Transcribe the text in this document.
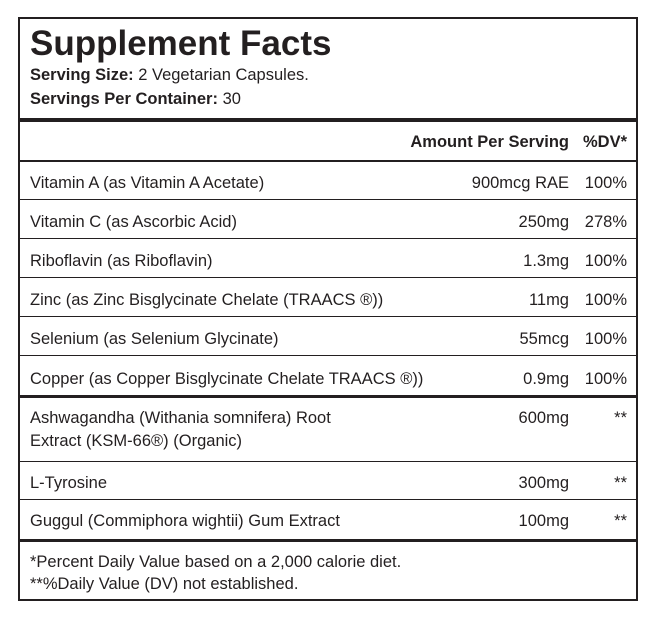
Supplement Facts
Serving Size: 2 Vegetarian Capsules.
Servings Per Container: 30
Amount Per Serving %DV*
Vitamin A (as Vitamin A Acetate)	900mcg RAE 100%
Vitamin C (as Ascorbic Acid)	250mg 278%
Riboflavin (as Riboflavin)	1.3mg 100%
Zinc (as Zinc Bisglycinate Chelate (TRAACS ®))	11mg 100%
Selenium (as Selenium Glycinate)	55mcg 100%
Copper (as Copper Bisglycinate Chelate TRAACS ®))	0.9mg 100%
Ashwagandha (Withania somnifera) Root	600mg	**
Extract (KSM-66®) (Organic)
L-Tyrosine	300mg	**
Guggul (Commiphora wightii) Gum Extract	100mg	**
*Percent Daily Value based on a 2,000 calorie diet.
**%Daily Value (DV) not established.
